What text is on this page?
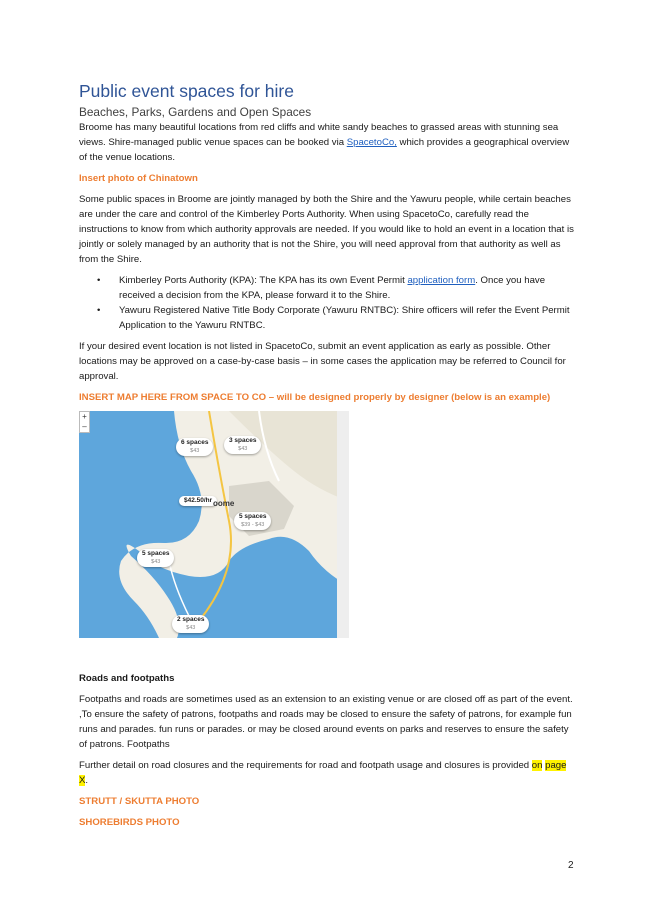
Public event spaces for hire
Beaches, Parks, Gardens and Open Spaces

Broome has many beautiful locations from red cliffs and white sandy beaches to grassed areas with stunning sea views. Shire-managed public venue spaces can be booked via SpacetoCo, which provides a geographical overview of the venue locations.

Insert photo of Chinatown

Some public spaces in Broome are jointly managed by both the Shire and the Yawuru people, while certain beaches are under the care and control of the Kimberley Ports Authority. When using SpacetoCo, carefully read the instructions to know from which authority approvals are needed. If you would like to hold an event in a location that is jointly or solely managed by an authority that is not the Shire, you will need approval from that authority as well as from the Shire.

• Kimberley Ports Authority (KPA): The KPA has its own Event Permit application form. Once you have received a decision from the KPA, please forward it to the Shire.
• Yawuru Registered Native Title Body Corporate (Yawuru RNTBC): Shire officers will refer the Event Permit Application to the Yawuru RNTBC.

If your desired event location is not listed in SpacetoCo, submit an event application as early as possible. Other locations may be approved on a case-by-case basis – in some cases the application may be referred to Council for approval.

INSERT MAP HERE FROM SPACE TO CO – will be designed properly by designer (below is an example)

+
–
6 spaces
$43
3 spaces
$43
$42.50/hr oome
5 spaces
$39 - $43
5 spaces
$43
2 spaces
$43

Roads and footpaths

Footpaths and roads are sometimes used as an extension to an existing venue or are closed off as part of the event. ,To ensure the safety of patrons, footpaths and roads may be closed to ensure the safety of patrons, for example fun runs and parades. fun runs or parades. or may be closed around events on parks and reserves to ensure the safety of patrons. Footpaths

Further detail on road closures and the requirements for road and footpath usage and closures is provided on page X.

STRUTT / SKUTTA PHOTO

SHOREBIRDS PHOTO

2
